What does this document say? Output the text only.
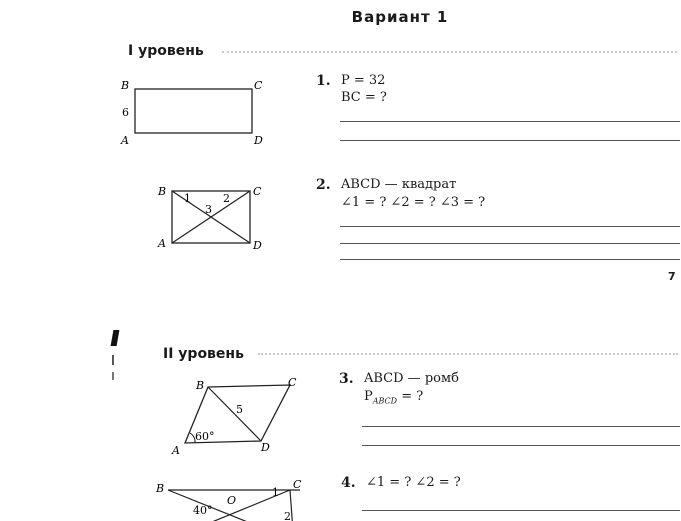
Вариант 1
I уровень
B	C
A	D
6
1. P = 32
BC = ?
B	C
A	D
1	2
3
2. ABCD — квадрат
∠1 = ? ∠2 = ? ∠3 = ?
7
II уровень
B	C
A	D
5
60°
3. ABCD — ромб
$P_{ABCD}$ = ?
B	C
O
40°
1
2
4. ∠1 = ? ∠2 = ?
